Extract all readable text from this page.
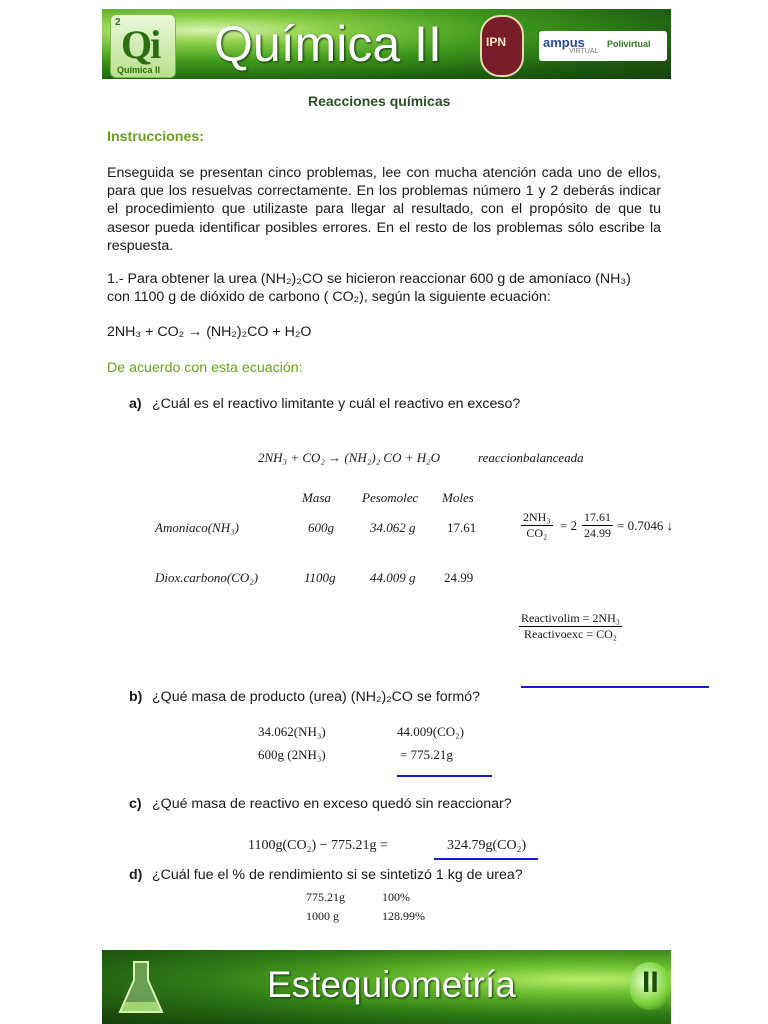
2 Qi
Química II Química II	IPN	ampus
VIRTUAL
Polivirtual
Reacciones químicas
Instrucciones:
Enseguida se presentan cinco problemas, lee con mucha atención cada uno de ellos, para que los resuelvas correctamente. En los problemas número 1 y 2 deberás indicar el procedimiento que utilizaste para llegar al resultado, con el propósito de que tu asesor pueda identificar posibles errores. En el resto de los problemas sólo escribe la respuesta.
1.- Para obtener la urea (NH₂)₂CO se hicieron reaccionar 600 g de amoníaco (NH₃)
con 1100 g de dióxido de carbono ( CO₂), según la siguiente ecuación:
2NH₃ + CO₂ → (NH₂)₂CO + H₂O
De acuerdo con esta ecuación:
a) ¿Cuál es el reactivo limitante y cuál el reactivo en exceso?
2NH₃ + CO₂ → (NH₂)₂ CO + H₂O	reaccionbalanceada
Masa Pesomolec Moles
Amoniaco(NH₃)	600g	34.062 g 17.61
Diox.carbono(CO₂)	1100g	44.009 g 24.99
$\frac{\text{2NH₃}}{\text{CO₂}} = 2 \frac{17.61}{24.99} = 0.7046$ ↓
Reactivolim = 2NH₃
Reactivoexc = CO₂
b) ¿Qué masa de producto (urea) (NH₂)₂CO se formó?
34.062(NH₃)	44.009(CO₂)
600g (2NH₃)	= 775.21g
c) ¿Qué masa de reactivo en exceso quedó sin reaccionar?
1100g(CO₂) − 775.21g =	324.79g(CO₂)
d) ¿Cuál fue el % de rendimiento si se sintetizó 1 kg de urea?
775.21g	100%
1000 g	128.99%
Estequiometría	II
